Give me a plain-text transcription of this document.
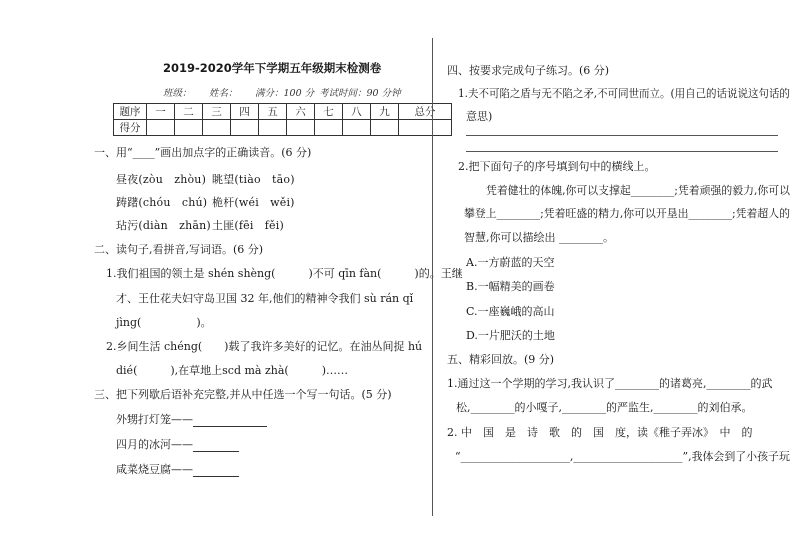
2019-2020学年下学期五年级期末检测卷
班级： 姓名： 满分：100 分 考试时间：90 分钟
题序	一	二	三	四	五	六	七	八	九	总分
得分										
一、用“____”画出加点字的正确读音。(6 分)
昼夜(zòu　zhòu) 眺望(tiào　tāo)
踌躇(chóu　chú) 桅杆(wéi　wěi)
玷污(diàn　zhān) 土匪(fēi　fěi)
二、读句子,看拼音,写词语。(6 分)
1.我们祖国的领土是 shén shèng(　　　)不可 qīn fàn(　　　)的。王继
才、王仕花夫妇守岛卫国 32 年,他们的精神令我们 sù rán qǐ
jìng(　　　　　)。
2.乡间生活 chéng(　　)载了我许多美好的记忆。在油丛间捉 hú
dié(　　　),在草地上scd mà zhà(　　　)……
三、把下列歇后语补充完整,并从中任选一个写一句话。(5 分)
外甥打灯笼——
四月的冰河——
咸菜烧豆腐——
四、按要求完成句子练习。(6 分)
1.夫不可陷之盾与无不陷之矛,不可同世而立。(用自己的话说说这句话的
意思)
2.把下面句子的序号填到句中的横线上。
凭着健壮的体魄,你可以支撑起________;凭着顽强的毅力,你可以
攀登上________;凭着旺盛的精力,你可以开垦出________;凭着超人的
智慧,你可以描绘出 ________。
A.一方蔚蓝的天空
B.一幅精美的画卷
C.一座巍峨的高山
D.一片肥沃的土地
五、精彩回放。(9 分)
1.通过这一个学期的学习,我认识了________的诸葛亮,________的武
松,________的小嘎子,________的严监生,________的刘伯承。
2. 中　国　是　诗　歌　的　国　度，读《稚子弄冰》　中　的
“____________________,____________________”,我体会到了小孩子玩
